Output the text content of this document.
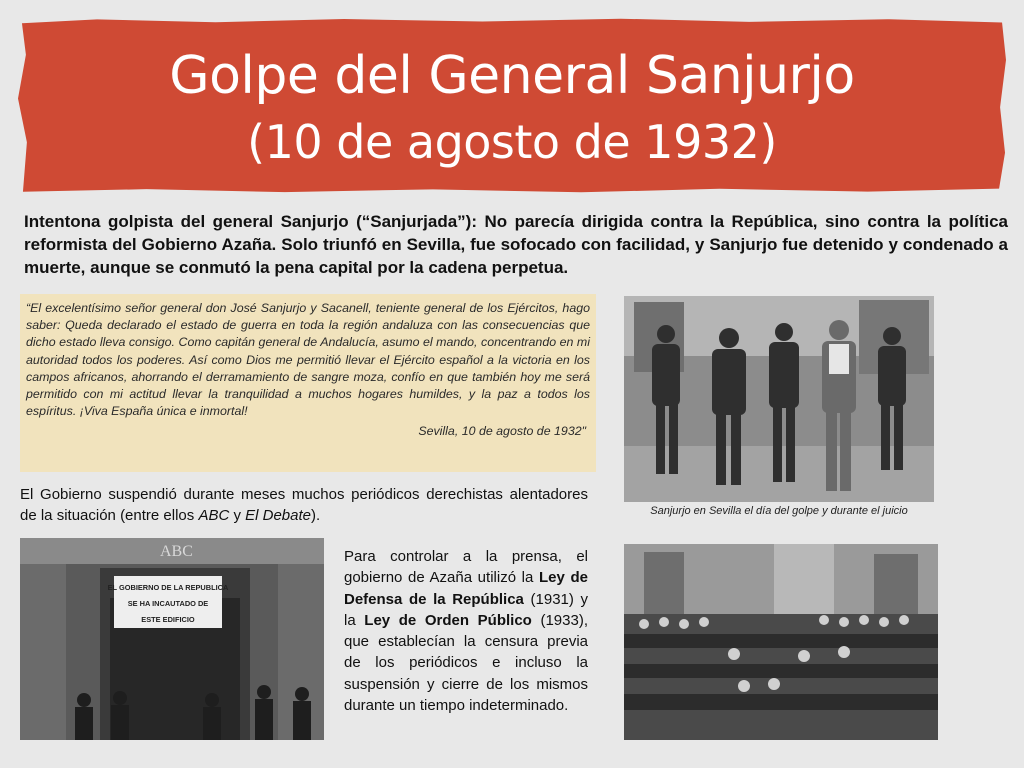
Golpe del General Sanjurjo
(10 de agosto de 1932)

Intentona golpista del general Sanjurjo (“Sanjurjada”): No parecía dirigida contra la República, sino contra la política reformista del Gobierno Azaña. Solo triunfó en Sevilla, fue sofocado con facilidad, y Sanjurjo fue detenido y condenado a muerte, aunque se conmutó la pena capital por la cadena perpetua.

“El excelentísimo señor general don José Sanjurjo y Sacanell, teniente general de los Ejércitos, hago saber: Queda declarado el estado de guerra en toda la región andaluza con las consecuencias que dicho estado lleva consigo. Como capitán general de Andalucía, asumo el mando, concentrando en mi autoridad todos los poderes. Así como Dios me permitió llevar el Ejército español a la victoria en los campos africanos, ahorrando el derramamiento de sangre moza, confío en que también hoy me será permitido con mi actitud llevar la tranquilidad a muchos hogares humildes, y la paz a todos los espíritus. ¡Viva España única e inmortal!

Sevilla, 10 de agosto de 1932"

El Gobierno suspendió durante meses muchos periódicos derechistas alentadores de la situación (entre ellos ABC y El Debate).	Sanjurjo en Sevilla el día del golpe y durante el juicio

ABC
EL GOBIERNO DE LA REPUBLICA
SE HA INCAUTADO DE
ESTE EDIFICIO

Para controlar a la prensa, el gobierno de Azaña utilizó la Ley de Defensa de la República (1931) y la Ley de Orden Público (1933), que establecían la censura previa de los periódicos e incluso la suspensión y cierre de los mismos durante un tiempo indeterminado.
